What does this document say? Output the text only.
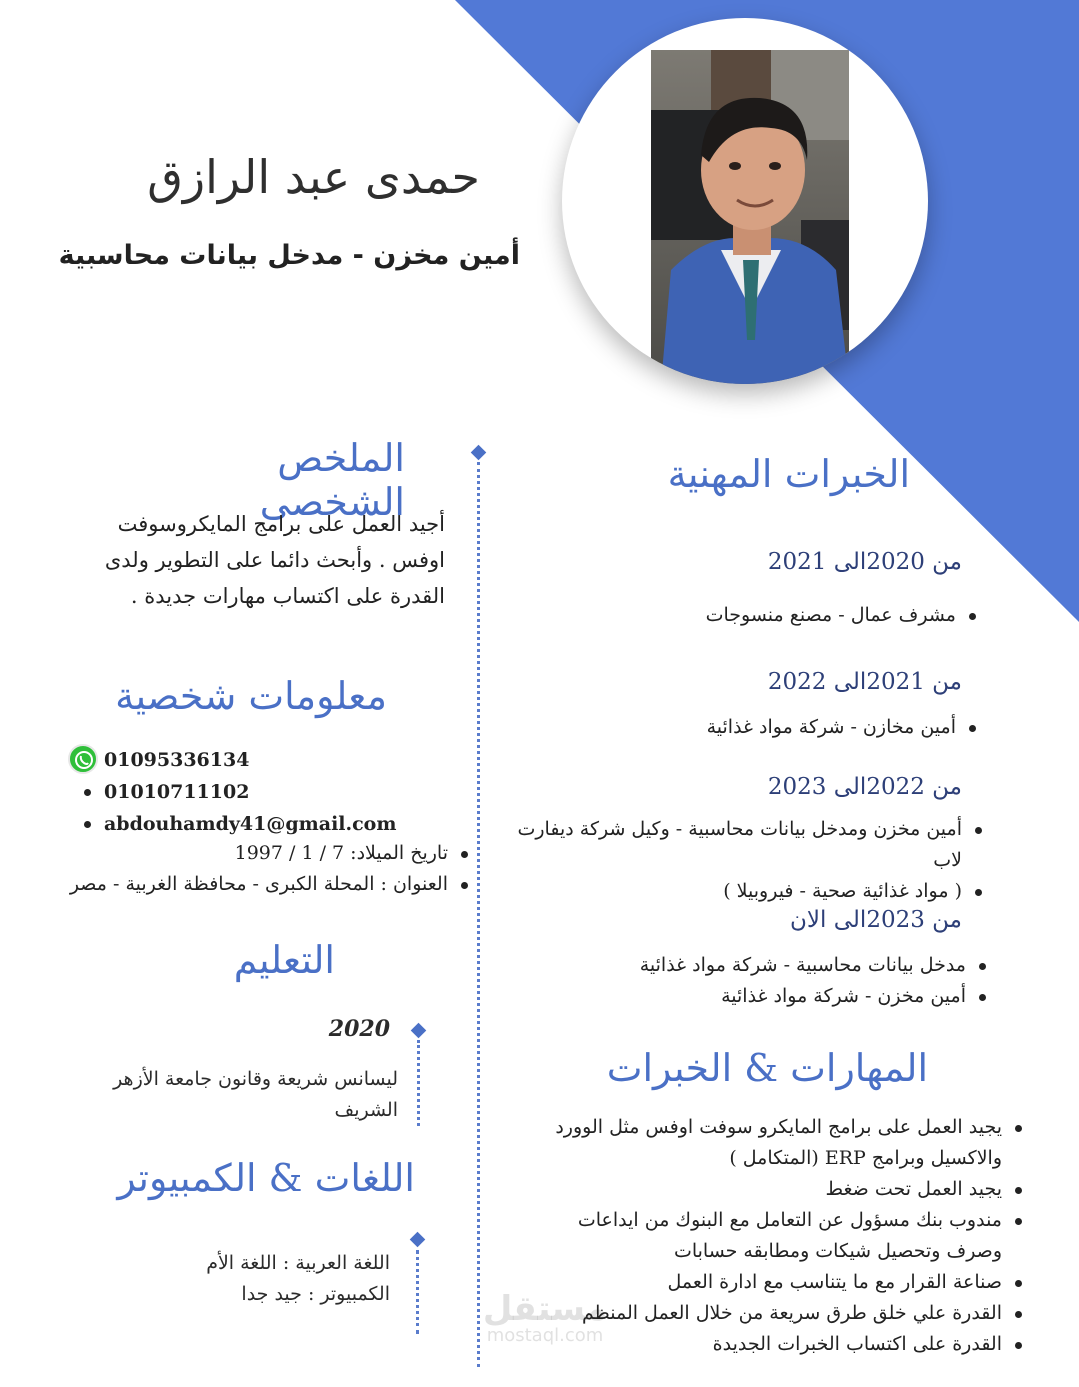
حمدى عبد الرازق
أمين مخزن - مدخل بيانات محاسبية
الملخص الشخصى
أجيد العمل على برامج المايكروسوفت
اوفس . وأبحث دائما على التطوير ولدى
القدرة على اكتساب مهارات جديدة .
معلومات شخصية
01095336134
01010711102
abdouhamdy41@gmail.com
تاريخ الميلاد: 7 / 1 / 1997
العنوان : المحلة الكبرى - محافظة الغربية - مصر
التعليم
2020
ليسانس شريعة وقانون جامعة الأزهر
الشريف
اللغات & الكمبيوتر
اللغة العربية : اللغة الأم
الكمبيوتر : جيد جدا
الخبرات المهنية
من 2020الى 2021
مشرف عمال - مصنع منسوجات
من 2021الى 2022
أمين مخازن - شركة مواد غذائية
من 2022الى 2023
أمين مخزن ومدخل بيانات محاسبية - وكيل شركة ديفارت لاب
( مواد غذائية صحية - فيروبيلا )
من 2023الى الان
مدخل بيانات محاسبية - شركة مواد غذائية
أمين مخزن - شركة مواد غذائية
المهارات & الخبرات
يجيد العمل على برامج المايكرو سوفت اوفس مثل الوورد
والاكسيل وبرامج ERP (المتكامل )
يجيد العمل تحت ضغط
مندوب بنك مسؤول عن التعامل مع البنوك من ايداعات
وصرف وتحصيل شيكات ومطابقه حسابات
صناعة القرار مع ما يتناسب مع ادارة العمل
القدرة علي خلق طرق سريعة من خلال العمل المنظم
القدرة على اكتساب الخبرات الجديدة
مستقل
mostaql.com
